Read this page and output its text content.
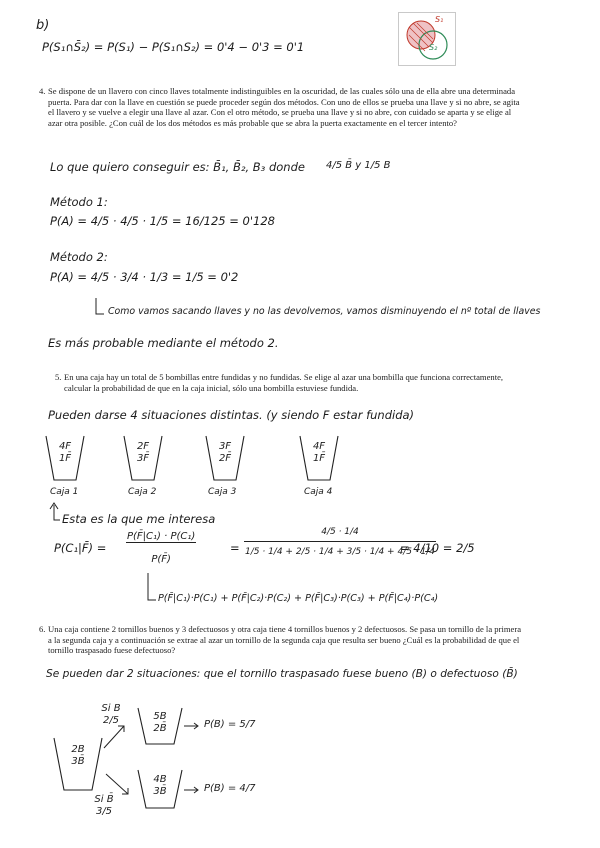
b)
P(S₁∩S̄₂) = P(S₁) − P(S₁∩S₂) = 0'4 − 0'3 = 0'1
S₁
S₂
4. Se dispone de un llavero con cinco llaves totalmente indistinguibles en la oscuridad, de las cuales sólo una de ella abre una determinada puerta. Para dar con la llave en cuestión se puede proceder según dos métodos. Con uno de ellos se prueba una llave y si no abre, se agita el llavero y se vuelve a elegir una llave al azar. Con el otro método, se prueba una llave y si no abre, con cuidado se aparta y se elige al azar otra posible. ¿Con cuál de los dos métodos es más probable que se abra la puerta exactamente en el tercer intento?
Lo que quiero conseguir es: B̄₁, B̄₂, B₃ donde 4/5 B̄ y 1/5 B
Método 1:
P(A) = 4/5 · 4/5 · 1/5 = 16/125 = 0'128
Método 2:
P(A) = 4/5 · 3/4 · 1/3 = 1/5 = 0'2
Como vamos sacando llaves y no las devolvemos, vamos disminuyendo el nº total de llaves
Es más probable mediante el método 2.
5. En una caja hay un total de 5 bombillas entre fundidas y no fundidas. Se elige al azar una bombilla que funciona correctamente, calcular la probabilidad de que en la caja inicial, sólo una bombilla estuviese fundida.
Pueden darse 4 situaciones distintas. (y siendo F estar fundida)
4F
1F̄
2F
3F̄
3F
2F̄
4F
1F̄
Caja 1	Caja 2	Caja 3	Caja 4
Esta es la que me interesa
P(C₁|F̄) = $\frac{\text{P(F̄|C₁) · P(C₁)}}{P(F̄)}$	= $\frac{4/5 \cdot 1/4}{1/5 \cdot 1/4 + 2/5 \cdot 1/4 + 3/5 \cdot 1/4 + 4/5 \cdot 1/4}$
= 4/10 = 2/5
P(F̄|C₁)·P(C₁) + P(F̄|C₂)·P(C₂) + P(F̄|C₃)·P(C₃) + P(F̄|C₄)·P(C₄)
6. Una caja contiene 2 tornillos buenos y 3 defectuosos y otra caja tiene 4 tornillos buenos y 2 defectuosos. Se pasa un tornillo de la primera a la segunda caja y a continuación se extrae al azar un tornillo de la segunda caja que resulta ser bueno ¿Cuál es la probabilidad de que el tornillo traspasado fuese defectuoso?
Se pueden dar 2 situaciones: que el tornillo traspasado fuese bueno (B) o defectuoso (B̄)
2B
3B̄
Si B
2/5	5B
2B̄	P(B) = 5/7
Si B̄
3/5
4B
3B̄	P(B) = 4/7
